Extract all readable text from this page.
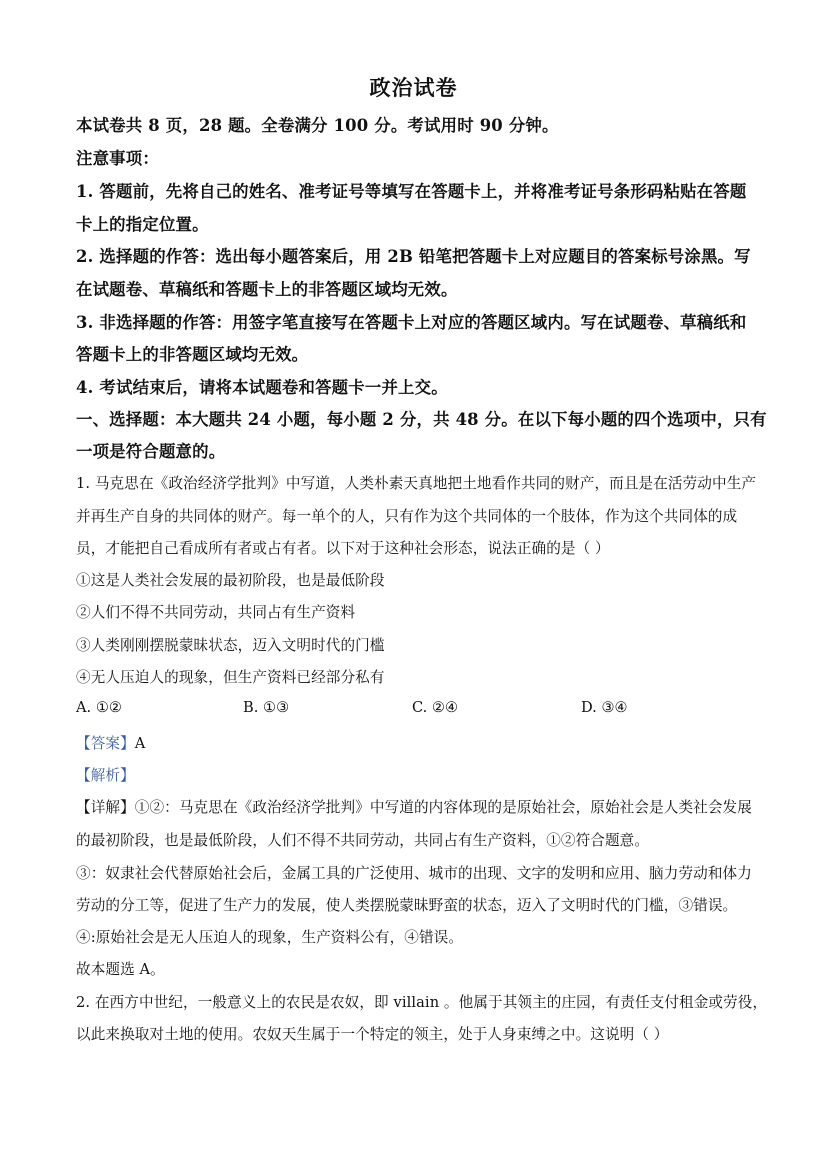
政治试卷
本试卷共 8 页，28 题。全卷满分 100 分。考试用时 90 分钟。
注意事项：
1. 答题前，先将自己的姓名、准考证号等填写在答题卡上，并将准考证号条形码粘贴在答题
卡上的指定位置。
2. 选择题的作答：选出每小题答案后，用 2B 铅笔把答题卡上对应题目的答案标号涂黑。写
在试题卷、草稿纸和答题卡上的非答题区域均无效。
3. 非选择题的作答：用签字笔直接写在答题卡上对应的答题区域内。写在试题卷、草稿纸和
答题卡上的非答题区域均无效。
4. 考试结束后，请将本试题卷和答题卡一并上交。
一、选择题：本大题共 24 小题，每小题 2 分，共 48 分。在以下每小题的四个选项中，只有
一项是符合题意的。
1. 马克思在《政治经济学批判》中写道，人类朴素天真地把土地看作共同的财产，而且是在活劳动中生产
并再生产自身的共同体的财产。每一单个的人，只有作为这个共同体的一个肢体，作为这个共同体的成
员，才能把自己看成所有者或占有者。以下对于这种社会形态，说法正确的是（ ）
①这是人类社会发展的最初阶段，也是最低阶段
②人们不得不共同劳动，共同占有生产资料
③人类刚刚摆脱蒙昧状态，迈入文明时代的门槛
④无人压迫人的现象，但生产资料已经部分私有
A. ①②	B. ①③	C. ②④	D. ③④
【答案】A
【解析】
【详解】①②：马克思在《政治经济学批判》中写道的内容体现的是原始社会，原始社会是人类社会发展
的最初阶段，也是最低阶段，人们不得不共同劳动，共同占有生产资料，①②符合题意。
③：奴隶社会代替原始社会后，金属工具的广泛使用、城市的出现、文字的发明和应用、脑力劳动和体力
劳动的分工等，促进了生产力的发展，使人类摆脱蒙昧野蛮的状态，迈入了文明时代的门槛，③错误。
④:原始社会是无人压迫人的现象，生产资料公有，④错误。
故本题选 A。
2. 在西方中世纪，一般意义上的农民是农奴，即 villain 。他属于其领主的庄园，有责任支付租金或劳役，
以此来换取对土地的使用。农奴天生属于一个特定的领主，处于人身束缚之中。这说明（ ）
